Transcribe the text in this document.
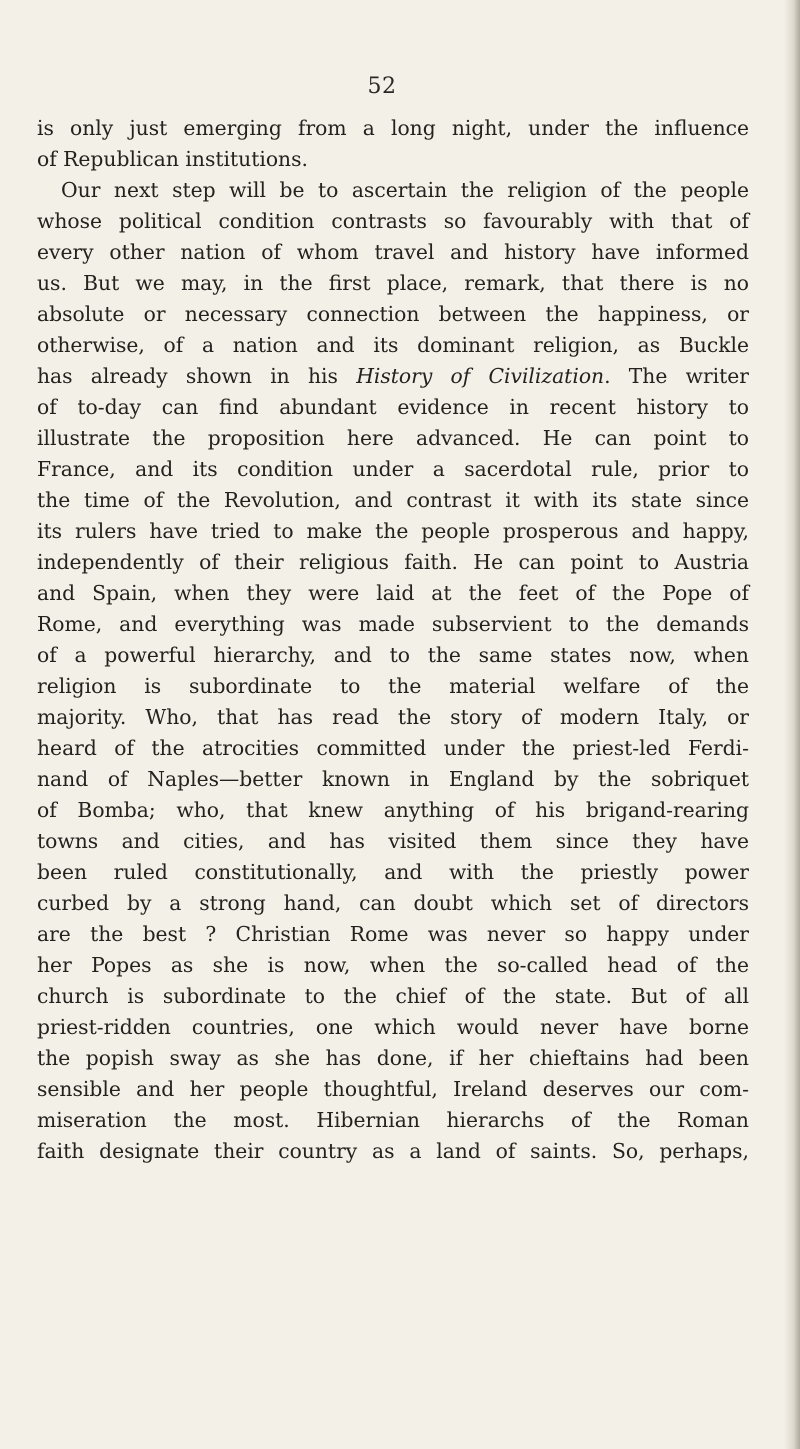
52
is only just emerging from a long night, under the influence
of Republican institutions.
Our next step will be to ascertain the religion of the people
whose political condition contrasts so favourably with that of
every other nation of whom travel and history have informed
us. But we may, in the first place, remark, that there is no
absolute or necessary connection between the happiness, or
otherwise, of a nation and its dominant religion, as Buckle
has already shown in his History of Civilization. The writer
of to-day can find abundant evidence in recent history to
illustrate the proposition here advanced. He can point to
France, and its condition under a sacerdotal rule, prior to
the time of the Revolution, and contrast it with its state since
its rulers have tried to make the people prosperous and happy,
independently of their religious faith. He can point to Austria
and Spain, when they were laid at the feet of the Pope of
Rome, and everything was made subservient to the demands
of a powerful hierarchy, and to the same states now, when
religion is subordinate to the material welfare of the
majority. Who, that has read the story of modern Italy, or
heard of the atrocities committed under the priest-led Ferdi-
nand of Naples—better known in England by the sobriquet
of Bomba; who, that knew anything of his brigand-rearing
towns and cities, and has visited them since they have
been ruled constitutionally, and with the priestly power
curbed by a strong hand, can doubt which set of directors
are the best ? Christian Rome was never so happy under
her Popes as she is now, when the so-called head of the
church is subordinate to the chief of the state. But of all
priest-ridden countries, one which would never have borne
the popish sway as she has done, if her chieftains had been
sensible and her people thoughtful, Ireland deserves our com-
miseration the most. Hibernian hierarchs of the Roman
faith designate their country as a land of saints. So, perhaps,
